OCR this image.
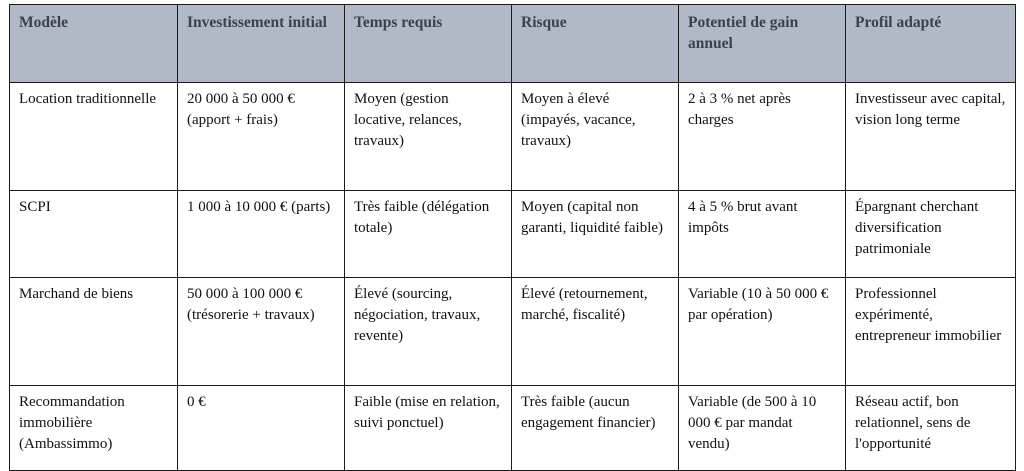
Modèle	Investissement initial	Temps requis	Risque	Potentiel de gain annuel	Profil adapté
Location traditionnelle	20 000 à 50 000 € (apport + frais)	Moyen (gestion locative, relances, travaux)	Moyen à élevé (impayés, vacance, travaux)	2 à 3 % net après charges	Investisseur avec capital, vision long terme
SCPI	1 000 à 10 000 € (parts)	Très faible (délégation totale)	Moyen (capital non garanti, liquidité faible)	4 à 5 % brut avant impôts	Épargnant cherchant diversification patrimoniale
Marchand de biens	50 000 à 100 000 € (trésorerie + travaux)	Élevé (sourcing, négociation, travaux, revente)	Élevé (retournement, marché, fiscalité)	Variable (10 à 50 000 € par opération)	Professionnel expérimenté, entrepreneur immobilier
Recommandation immobilière (Ambassimmo)	0 €	Faible (mise en relation, suivi ponctuel)	Très faible (aucun engagement financier)	Variable (de 500 à 10 000 € par mandat vendu)	Réseau actif, bon relationnel, sens de l'opportunité
